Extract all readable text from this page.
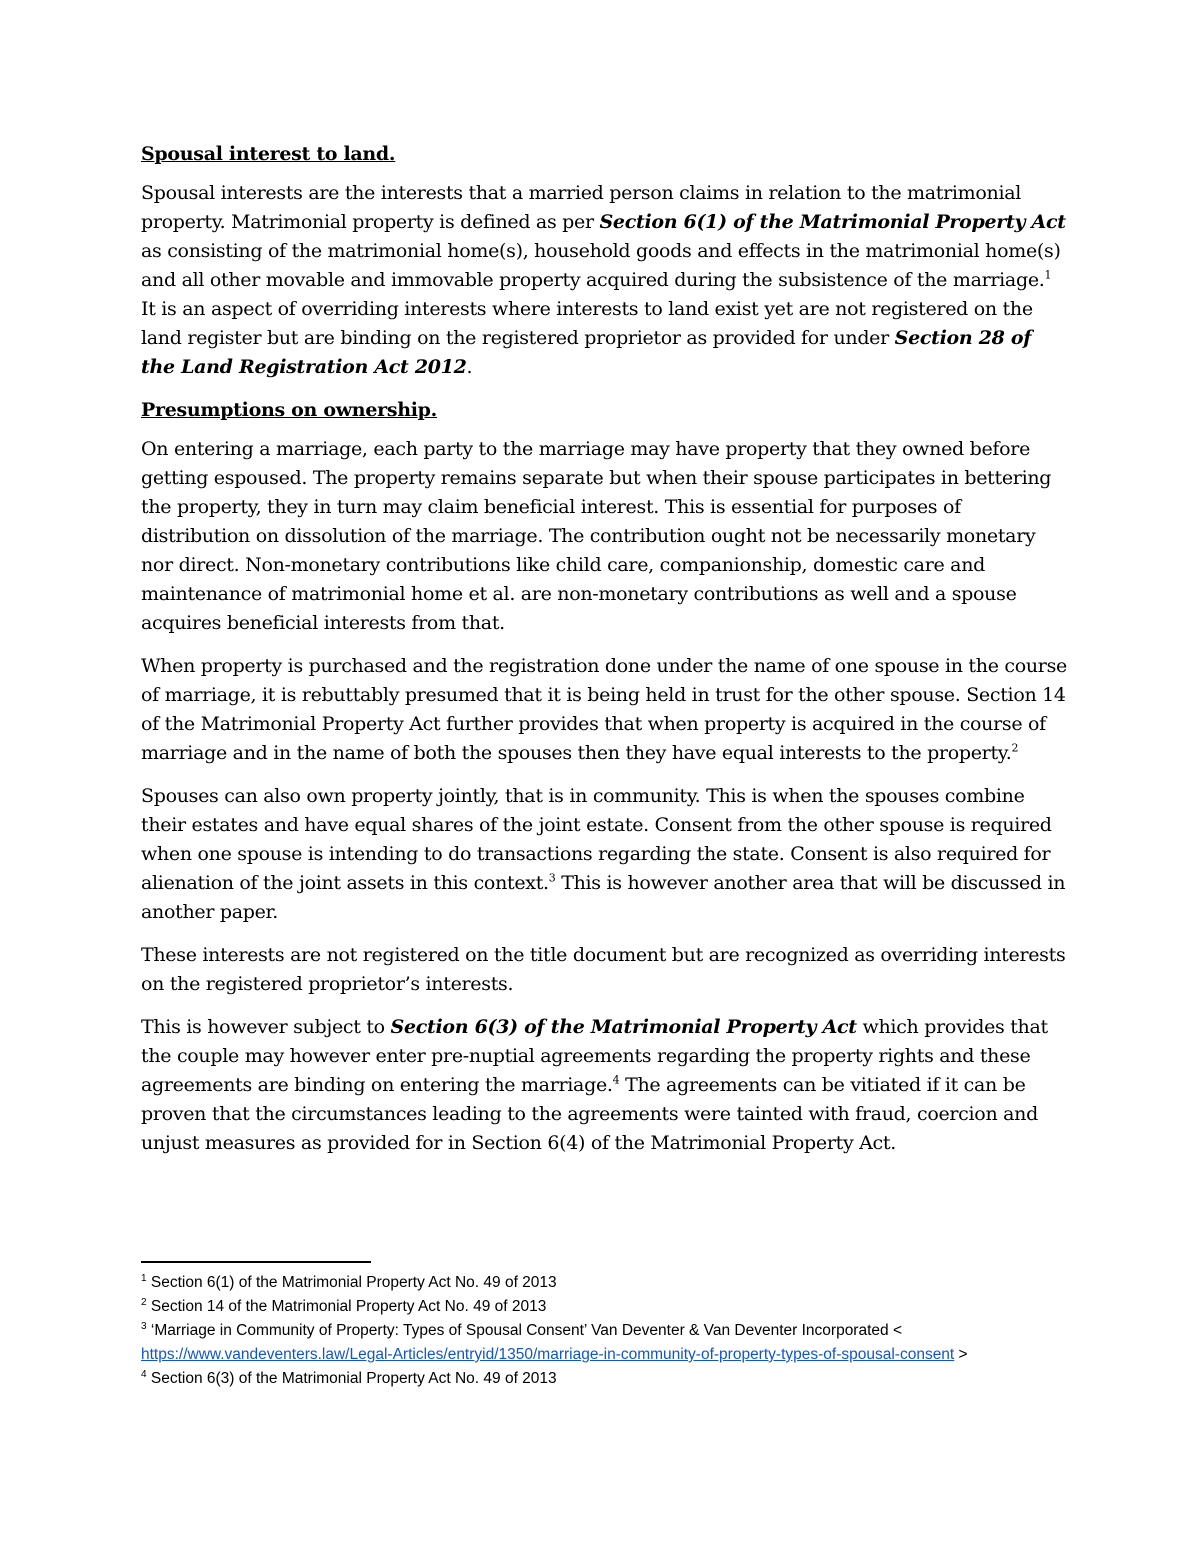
Spousal interest to land.

Spousal interests are the interests that a married person claims in relation to the matrimonial property. Matrimonial property is defined as per Section 6(1) of the Matrimonial Property Act as consisting of the matrimonial home(s), household goods and effects in the matrimonial home(s) and all other movable and immovable property acquired during the subsistence of the marriage.$^1$ It is an aspect of overriding interests where interests to land exist yet are not registered on the land register but are binding on the registered proprietor as provided for under Section 28 of the Land Registration Act 2012.

Presumptions on ownership.

On entering a marriage, each party to the marriage may have property that they owned before getting espoused. The property remains separate but when their spouse participates in bettering the property, they in turn may claim beneficial interest. This is essential for purposes of distribution on dissolution of the marriage. The contribution ought not be necessarily monetary nor direct. Non-monetary contributions like child care, companionship, domestic care and maintenance of matrimonial home et al. are non-monetary contributions as well and a spouse acquires beneficial interests from that.

When property is purchased and the registration done under the name of one spouse in the course of marriage, it is rebuttably presumed that it is being held in trust for the other spouse. Section 14 of the Matrimonial Property Act further provides that when property is acquired in the course of marriage and in the name of both the spouses then they have equal interests to the property.$^2$

Spouses can also own property jointly, that is in community. This is when the spouses combine their estates and have equal shares of the joint estate. Consent from the other spouse is required when one spouse is intending to do transactions regarding the state. Consent is also required for alienation of the joint assets in this context.$^3$ This is however another area that will be discussed in another paper.

These interests are not registered on the title document but are recognized as overriding interests on the registered proprietor’s interests.

This is however subject to Section 6(3) of the Matrimonial Property Act which provides that the couple may however enter pre-nuptial agreements regarding the property rights and these agreements are binding on entering the marriage.$^4$ The agreements can be vitiated if it can be proven that the circumstances leading to the agreements were tainted with fraud, coercion and unjust measures as provided for in Section 6(4) of the Matrimonial Property Act.

$^1$ Section 6(1) of the Matrimonial Property Act No. 49 of 2013

$^2$ Section 14 of the Matrimonial Property Act No. 49 of 2013

$^3$ ‘Marriage in Community of Property: Types of Spousal Consent’ Van Deventer & Van Deventer Incorporated < https://www.vandeventers.law/Legal-Articles/entryid/1350/marriage-in-community-of-property-types-of-spousal-consent >

$^4$ Section 6(3) of the Matrimonial Property Act No. 49 of 2013
